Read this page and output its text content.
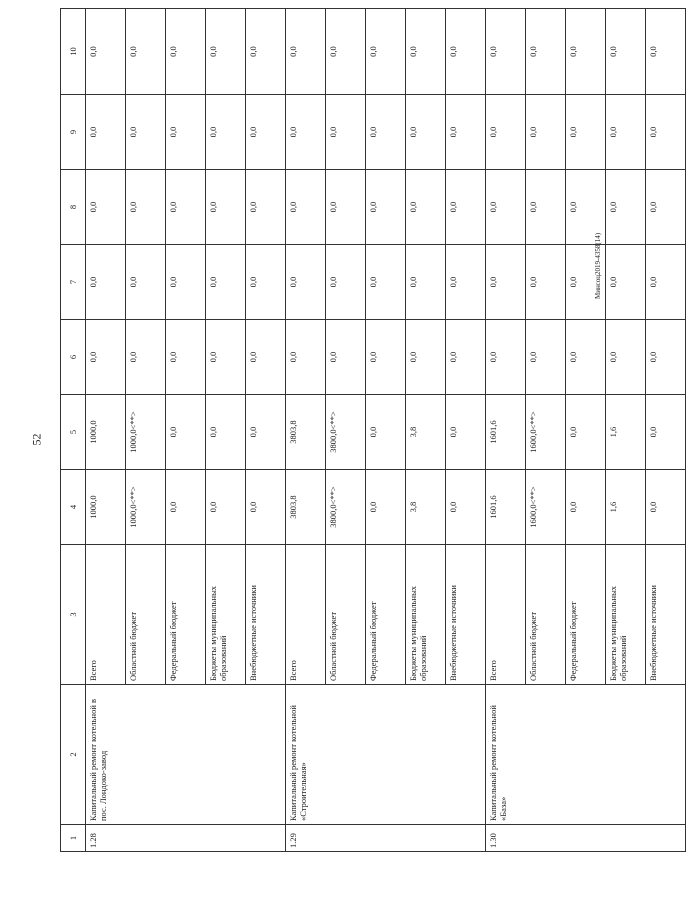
52
Минсоц2019-4358(14)
1	2	3	4	5	6	7	8	9	10
1.28	Капитальный ремонт котельной в пос. Лондоко-завод	Всего	1000,0	1000,0	0,0	0,0	0,0	0,0	0,0
		Областной бюджет	1000,0<**>	1000,0<**>	0,0	0,0	0,0	0,0	0,0
		Федеральный бюджет	0,0	0,0	0,0	0,0	0,0	0,0	0,0
		Бюджеты муниципальных образований	0,0	0,0	0,0	0,0	0,0	0,0	0,0
		Внебюджетные источники	0,0	0,0	0,0	0,0	0,0	0,0	0,0
1.29	Капитальный ремонт котельной «Строительная»	Всего	3803,8	3803,8	0,0	0,0	0,0	0,0	0,0
		Областной бюджет	3800,0<**>	3800,0<**>	0,0	0,0	0,0	0,0	0,0
		Федеральный бюджет	0,0	0,0	0,0	0,0	0,0	0,0	0,0
		Бюджеты муниципальных образований	3,8	3,8	0,0	0,0	0,0	0,0	0,0
		Внебюджетные источники	0,0	0,0	0,0	0,0	0,0	0,0	0,0
1.30	Капитальный ремонт котельной «База»	Всего	1601,6	1601,6	0,0	0,0	0,0	0,0	0,0
		Областной бюджет	1600,0<**>	1600,0<**>	0,0	0,0	0,0	0,0	0,0
		Федеральный бюджет	0,0	0,0	0,0	0,0	0,0	0,0	0,0
		Бюджеты муниципальных образований	1,6	1,6	0,0	0,0	0,0	0,0	0,0
		Внебюджетные источники	0,0	0,0	0,0	0,0	0,0	0,0	0,0
